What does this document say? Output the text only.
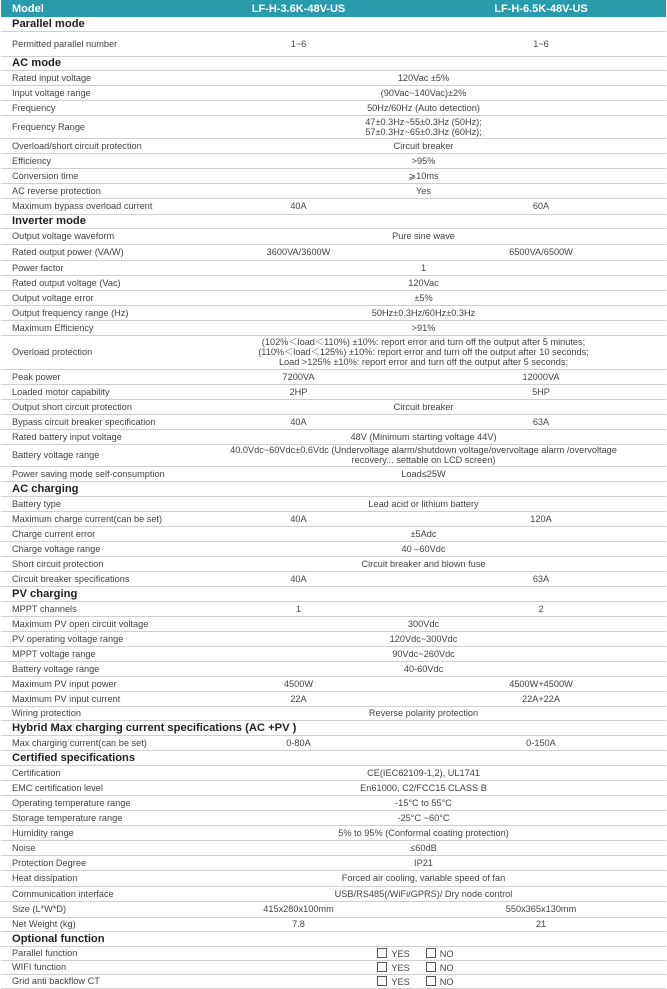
Model	LF-H-3.6K-48V-US	LF-H-6.5K-48V-US
Parallel mode		
Permitted parallel number	1~6	1~6
AC mode		
Rated input voltage	120Vac ±5%	
Input voltage range	(90Vac~140Vac)±2%	
Frequency	50Hz/60Hz (Auto detection)	
Frequency Range	47±0.3Hz~55±0.3Hz (50Hz);
57±0.3Hz~65±0.3Hz (60Hz);	

Overload/short circuit protection	Circuit breaker	
Efficiency	>95%	
Conversion time	⩾10ms	
AC reverse protection	Yes	
Maximum bypass overload current	40A	60A
Inverter mode		
Output voltage waveform	Pure sine wave	
Rated output power (VA/W)	3600VA/3600W	6500VA/6500W
Power factor	1	
Rated output voltage (Vac)	120Vac	
Output voltage error	±5%	
Output frequency range (Hz)	50Hz±0.3Hz/60Hz±0.3Hz	
Maximum Efficiency	>91%	
Overload protection	(102%＜load＜110%) ±10%: report error and turn off the output after 5 minutes;
(110%＜load＜125%) ±10%: report error and turn off the output after 10 seconds;
Load >125% ±10%: report error and turn off the output after 5 seconds;	

Peak power	7200VA	12000VA
Loaded motor capability	2HP	5HP
Output short circuit protection	Circuit breaker	
Bypass circuit breaker specification	40A	63A
Rated battery input voltage	48V (Minimum starting voltage 44V)	
Battery voltage range	40.0Vdc~60Vdc±0.6Vdc (Undervoltage alarm/shutdown voltage/overvoltage alarm /overvoltage
recovery... settable on LCD screen)	

Power saving mode self-consumption	Load≤25W	
AC charging		
Battery type	Lead acid or lithium battery	
Maximum charge current(can be set)	40A	120A
Charge current error	±5Adc	
Charge voltage range	40 –60Vdc	
Short circuit protection	Circuit breaker and blown fuse	
Circuit breaker specifications	40A	63A
PV charging		
MPPT channels	1	2
Maximum PV open circuit voltage	300Vdc	
PV operating voltage range	120Vdc~300Vdc	
MPPT voltage range	90Vdc~260Vdc	
Battery voltage range	40-60Vdc	
Maximum PV input power	4500W	4500W+4500W
Maximum PV input current	22A	22A+22A
Wiring protection	Reverse polarity protection	
Hybrid Max charging current specifications (AC +PV )		
Max charging current(can be set)	0-80A	0-150A
Certified specifications		
Certification	CE(IEC62109-1,2), UL1741	
EMC certification level	En61000, C2/FCC15 CLASS B	
Operating temperature range	-15°C to 55°C	
Storage temperature range	-25°C ~60°C	
Humidity range	5% to 95% (Conformal coating protection)	
Noise	≤60dB	
Protection Degree	IP21	
Heat dissipation	Forced air cooling, variable speed of fan	
Communication interface	USB/RS485(/WiFi/GPRS)/ Dry node control	
Size (L*W*D)	415x280x100mm	550x365x130mm
Net Weight (kg)	7.8	21
Optional function		
Parallel function	YES NO	
WIFI function	YES NO	
Grid anti backflow CT	YES NO	
